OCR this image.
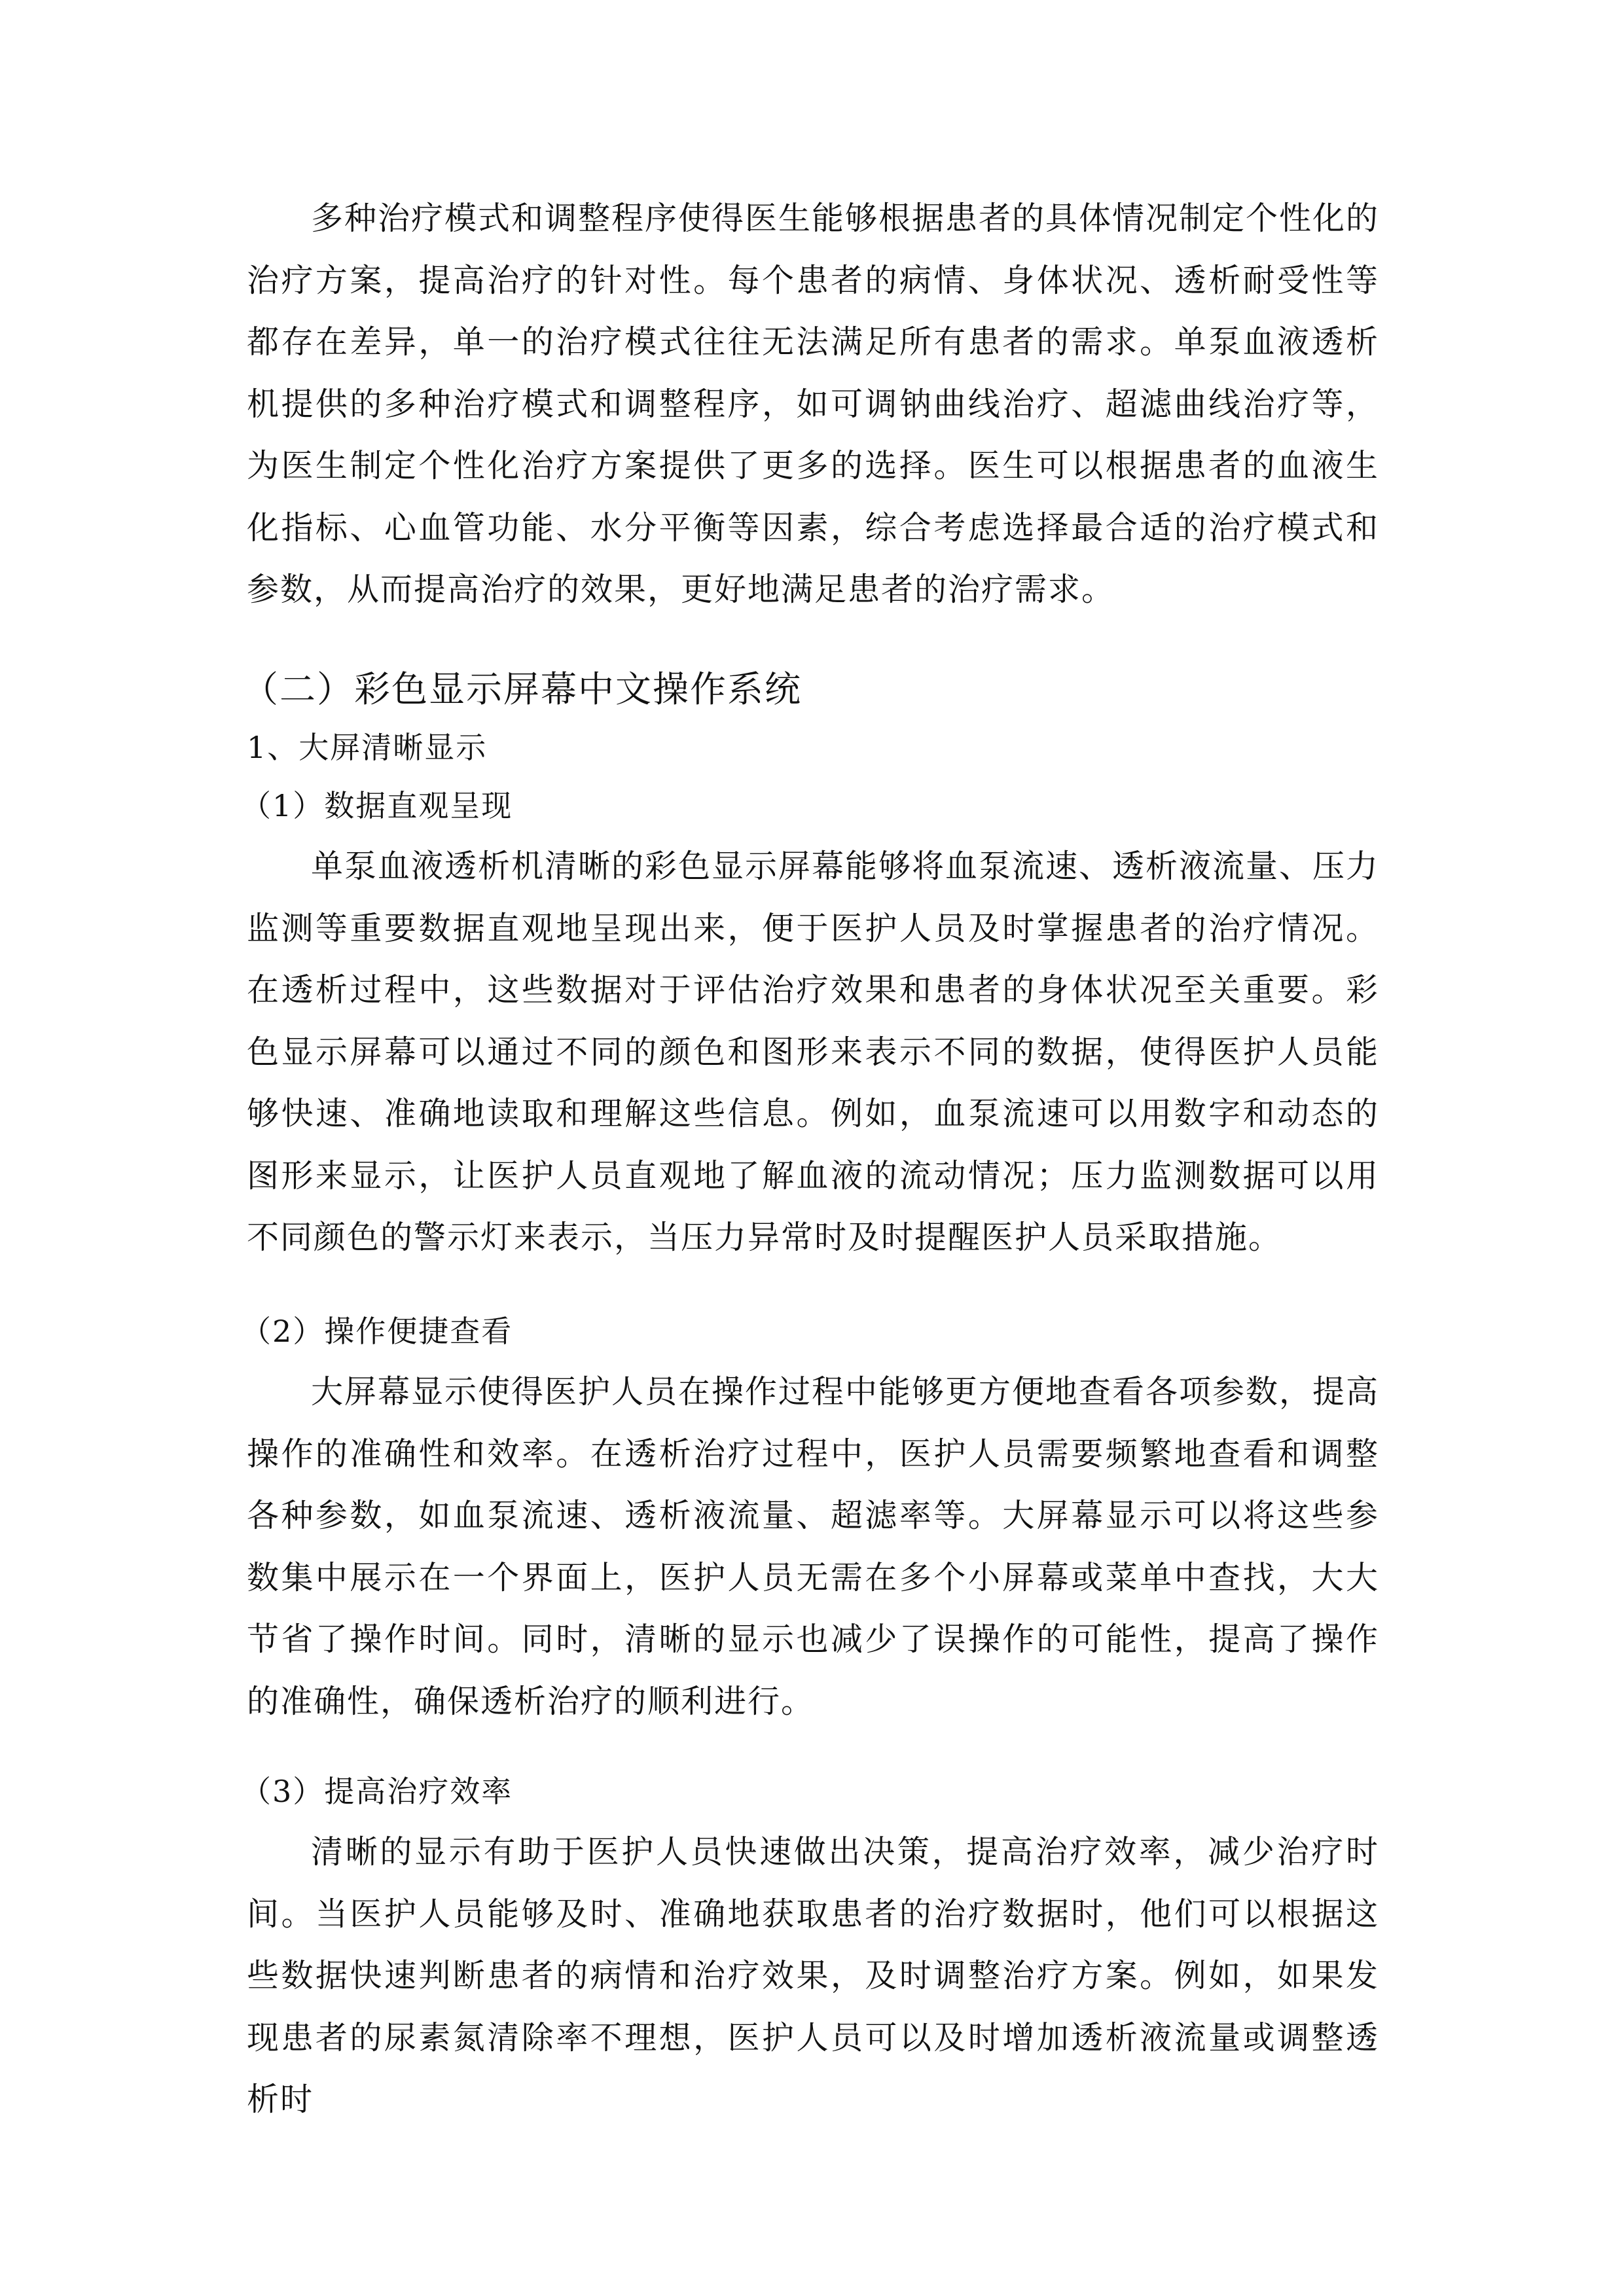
多种治疗模式和调整程序使得医生能够根据患者的具体情况制定个性化的治疗方案，提高治疗的针对性。每个患者的病情、身体状况、透析耐受性等都存在差异，单一的治疗模式往往无法满足所有患者的需求。单泵血液透析机提供的多种治疗模式和调整程序，如可调钠曲线治疗、超滤曲线治疗等，为医生制定个性化治疗方案提供了更多的选择。医生可以根据患者的血液生化指标、心血管功能、水分平衡等因素，综合考虑选择最合适的治疗模式和参数，从而提高治疗的效果，更好地满足患者的治疗需求。

（二）彩色显示屏幕中文操作系统
1、大屏清晰显示
（1）数据直观呈现

单泵血液透析机清晰的彩色显示屏幕能够将血泵流速、透析液流量、压力监测等重要数据直观地呈现出来，便于医护人员及时掌握患者的治疗情况。在透析过程中，这些数据对于评估治疗效果和患者的身体状况至关重要。彩色显示屏幕可以通过不同的颜色和图形来表示不同的数据，使得医护人员能够快速、准确地读取和理解这些信息。例如，血泵流速可以用数字和动态的图形来显示，让医护人员直观地了解血液的流动情况；压力监测数据可以用不同颜色的警示灯来表示，当压力异常时及时提醒医护人员采取措施。

（2）操作便捷查看

大屏幕显示使得医护人员在操作过程中能够更方便地查看各项参数，提高操作的准确性和效率。在透析治疗过程中，医护人员需要频繁地查看和调整各种参数，如血泵流速、透析液流量、超滤率等。大屏幕显示可以将这些参数集中展示在一个界面上，医护人员无需在多个小屏幕或菜单中查找，大大节省了操作时间。同时，清晰的显示也减少了误操作的可能性，提高了操作的准确性，确保透析治疗的顺利进行。

（3）提高治疗效率

清晰的显示有助于医护人员快速做出决策，提高治疗效率，减少治疗时间。当医护人员能够及时、准确地获取患者的治疗数据时，他们可以根据这些数据快速判断患者的病情和治疗效果，及时调整治疗方案。例如，如果发现患者的尿素氮清除率不理想，医护人员可以及时增加透析液流量或调整透析时
